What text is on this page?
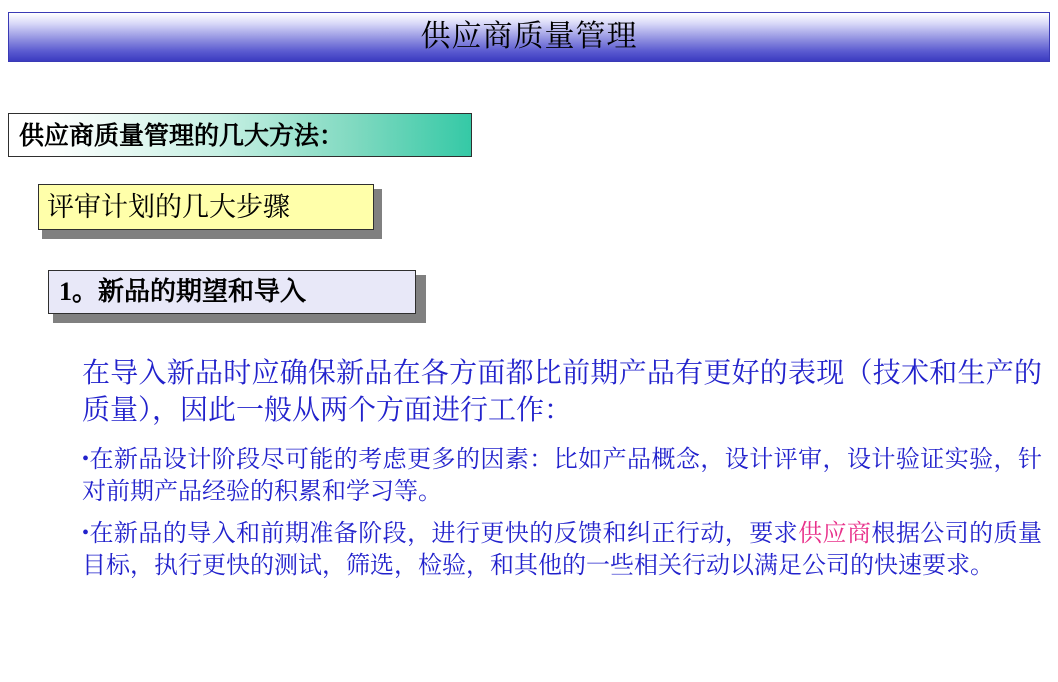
供应商质量管理
供应商质量管理的几大方法：
评审计划的几大步骤
1。新品的期望和导入

在导入新品时应确保新品在各方面都比前期产品有更好的表现（技术和生产的质量），因此一般从两个方面进行工作：

•在新品设计阶段尽可能的考虑更多的因素：比如产品概念，设计评审，设计验证实验，针对前期产品经验的积累和学习等。

•在新品的导入和前期准备阶段，进行更快的反馈和纠正行动，要求供应商根据公司的质量目标，执行更快的测试，筛选，检验，和其他的一些相关行动以满足公司的快速要求。
